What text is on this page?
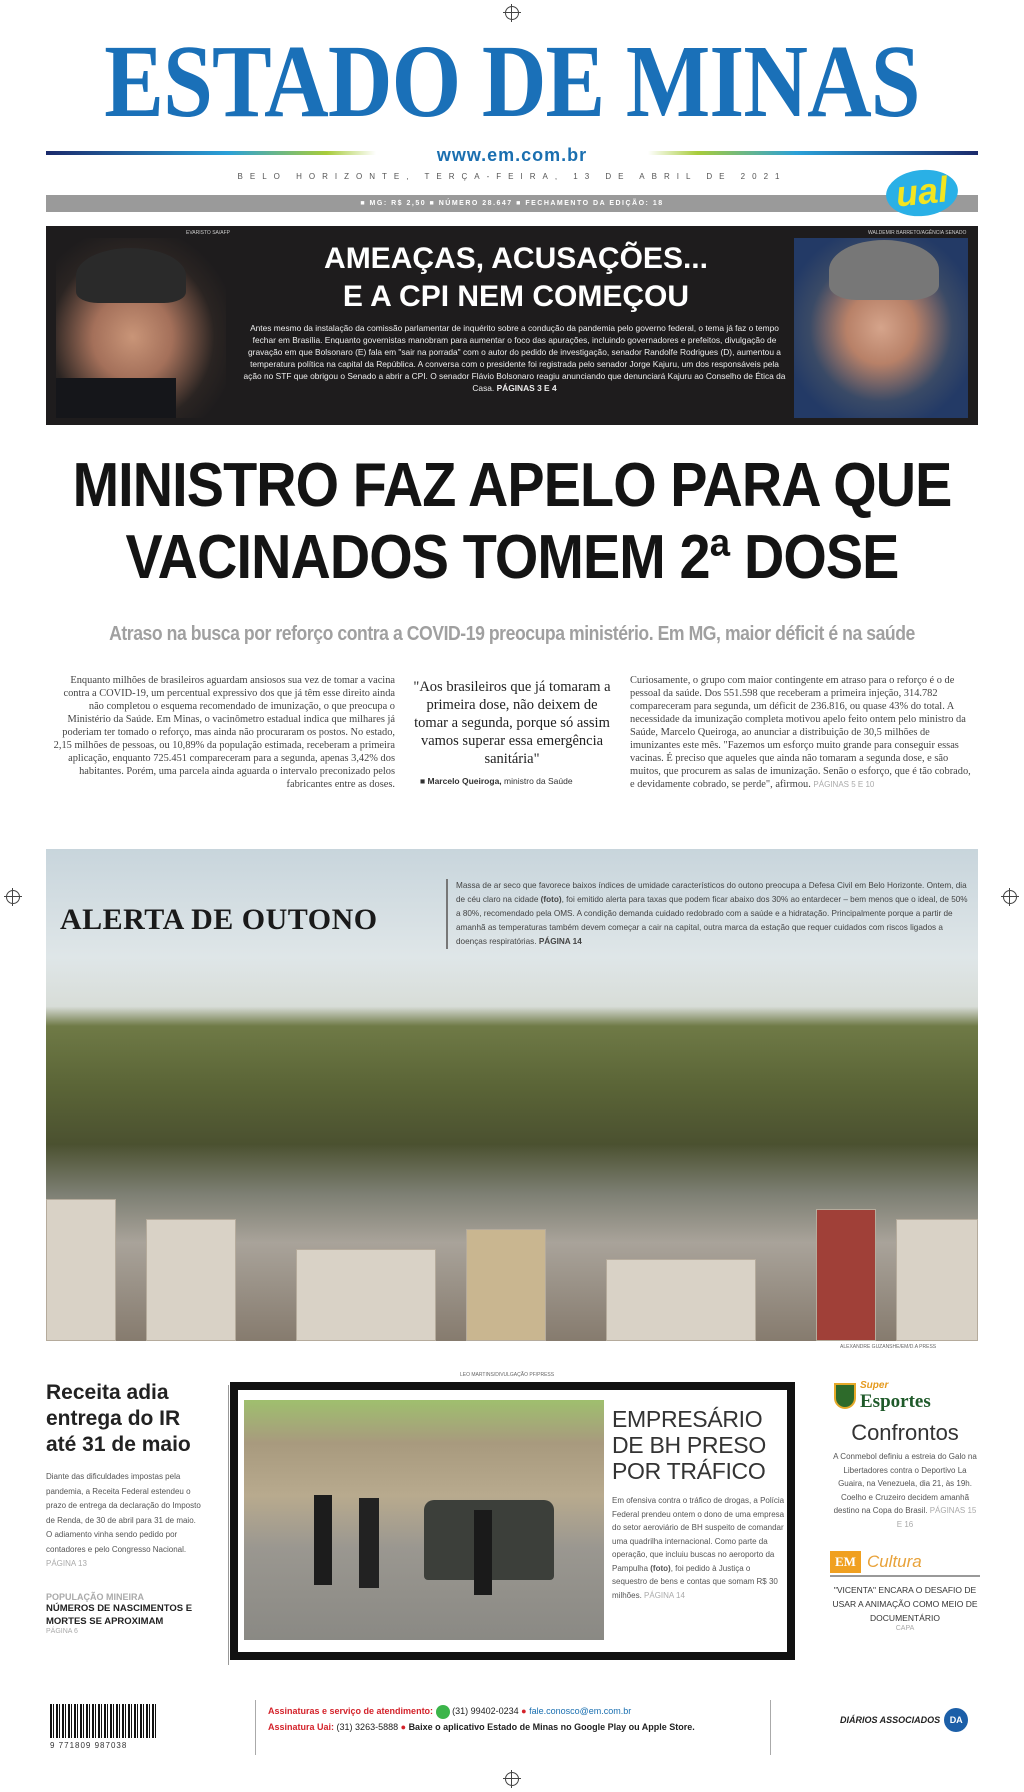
ESTADO DE MINAS
www.em.com.br
BELO HORIZONTE, TERÇA-FEIRA, 13 DE ABRIL DE 2021
■ MG: R$ 2,50 ■ NÚMERO 28.647 ■ FECHAMENTO DA EDIÇÃO: 18	ual
EVARISTO SA/AFP
AMEAÇAS, ACUSAÇÕES...
E A CPI NEM COMEÇOU
Antes mesmo da instalação da comissão parlamentar de inquérito sobre a condução da pandemia pelo governo federal, o tema já faz o tempo fechar em Brasília. Enquanto governistas manobram para aumentar o foco das apurações, incluindo governadores e prefeitos, divulgação de gravação em que Bolsonaro (E) fala em "sair na porrada" com o autor do pedido de investigação, senador Randolfe Rodrigues (D), aumentou a temperatura política na capital da República. A conversa com o presidente foi registrada pelo senador Jorge Kajuru, um dos responsáveis pela ação no STF que obrigou o Senado a abrir a CPI. O senador Flávio Bolsonaro reagiu anunciando que denunciará Kajuru ao Conselho de Ética da Casa. PÁGINAS 3 E 4
WALDEMIR BARRETO/AGÊNCIA SENADO
MINISTRO FAZ APELO PARA QUE
VACINADOS TOMEM 2ª DOSE
Atraso na busca por reforço contra a COVID-19 preocupa ministério. Em MG, maior déficit é na saúde
Enquanto milhões de brasileiros aguardam ansiosos sua vez de tomar a vacina contra a COVID-19, um percentual expressivo dos que já têm esse direito ainda não completou o esquema recomendado de imunização, o que preocupa o Ministério da Saúde. Em Minas, o vacinômetro estadual indica que milhares já poderiam ter tomado o reforço, mas ainda não procuraram os postos. No estado, 2,15 milhões de pessoas, ou 10,89% da população estimada, receberam a primeira aplicação, enquanto 725.451 compareceram para a segunda, apenas 3,42% dos habitantes. Porém, uma parcela ainda aguarda o intervalo preconizado pelos fabricantes entre as doses.
"Aos brasileiros que já tomaram a primeira dose, não deixem de tomar a segunda, porque só assim vamos superar essa emergência sanitária"
■ Marcelo Queiroga, ministro da Saúde
Curiosamente, o grupo com maior contingente em atraso para o reforço é o de pessoal da saúde. Dos 551.598 que receberam a primeira injeção, 314.782 compareceram para segunda, um déficit de 236.816, ou quase 43% do total. A necessidade da imunização completa motivou apelo feito ontem pelo ministro da Saúde, Marcelo Queiroga, ao anunciar a distribuição de 30,5 milhões de imunizantes este mês. "Fazemos um esforço muito grande para conseguir essas vacinas. É preciso que aqueles que ainda não tomaram a segunda dose, e são muitos, que procurem as salas de imunização. Senão o esforço, que é tão cobrado, e devidamente cobrado, se perde", afirmou. PÁGINAS 5 E 10
ALERTA DE OUTONO
Massa de ar seco que favorece baixos índices de umidade característicos do outono preocupa a Defesa Civil em Belo Horizonte. Ontem, dia de céu claro na cidade (foto), foi emitido alerta para taxas que podem ficar abaixo dos 30% ao entardecer – bem menos que o ideal, de 50% a 80%, recomendado pela OMS. A condição demanda cuidado redobrado com a saúde e a hidratação. Principalmente porque a partir de amanhã as temperaturas também devem começar a cair na capital, outra marca da estação que requer cuidados com riscos ligados a doenças respiratórias. PÁGINA 14
ALEXANDRE GUZANSHE/EM/D.A PRESS
Receita adia entrega do IR até 31 de maio

Diante das dificuldades impostas pela pandemia, a Receita Federal estendeu o prazo de entrega da declaração do Imposto de Renda, de 30 de abril para 31 de maio. O adiamento vinha sendo pedido por contadores e pelo Congresso Nacional. PÁGINA 13

POPULAÇÃO MINEIRA
NÚMEROS DE NASCIMENTOS E MORTES SE APROXIMAM
PÁGINA 6
LEO MARTINS/DIVULGAÇÃO PF/PRESS
EMPRESÁRIO DE BH PRESO POR TRÁFICO
Em ofensiva contra o tráfico de drogas, a Polícia Federal prendeu ontem o dono de uma empresa do setor aeroviário de BH suspeito de comandar uma quadrilha internacional. Como parte da operação, que incluiu buscas no aeroporto da Pampulha (foto), foi pedido à Justiça o sequestro de bens e contas que somam R$ 30 milhões. PÁGINA 14
Super
Esportes
Confrontos

A Conmebol definiu a estreia do Galo na Libertadores contra o Deportivo La Guaira, na Venezuela, dia 21, às 19h. Coelho e Cruzeiro decidem amanhã destino na Copa do Brasil. PÁGINAS 15 E 16

EM Cultura
"VICENTA" ENCARA O DESAFIO DE USAR A ANIMAÇÃO COMO MEIO DE DOCUMENTÁRIO
CAPA
9 771809 987038
Assinaturas e serviço de atendimento: (31) 99402-0234 ● fale.conosco@em.com.br
Assinatura Uai: (31) 3263-5888 ● Baixe o aplicativo Estado de Minas no Google Play ou Apple Store.
DIÁRIOS ASSOCIADOS	DA
